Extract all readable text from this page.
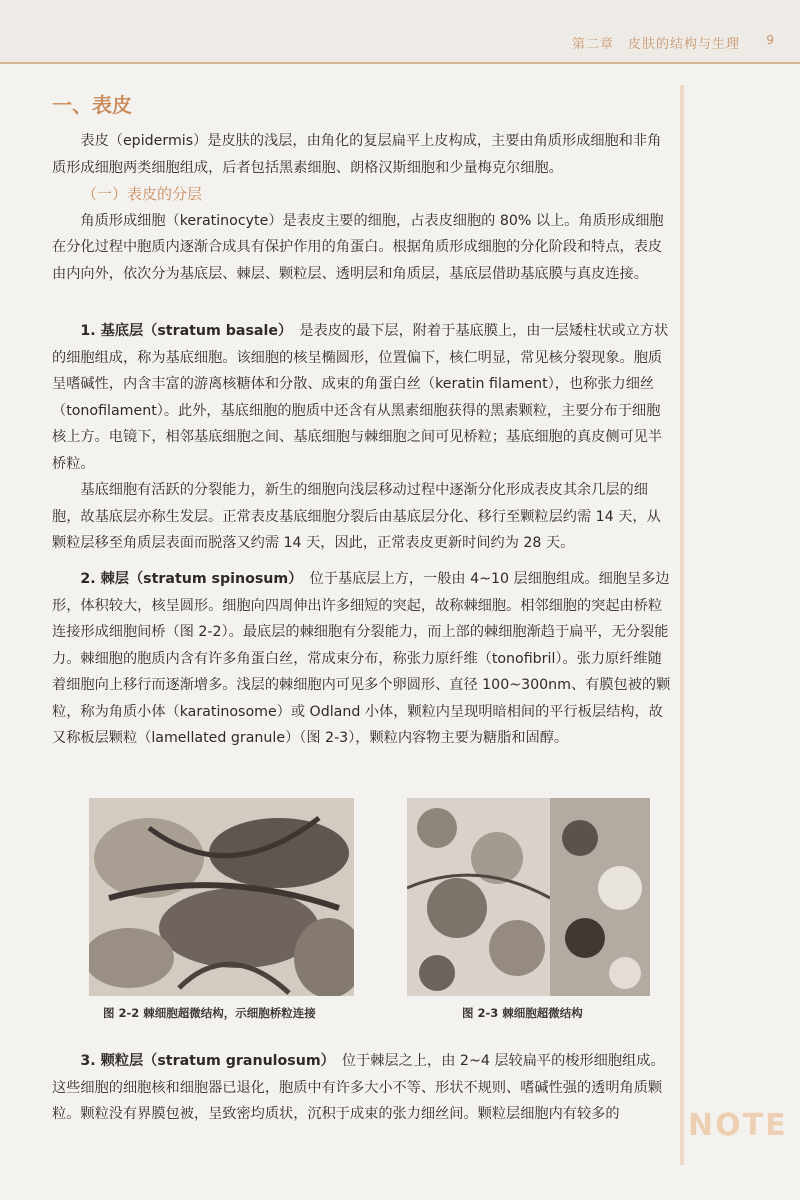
第二章　皮肤的结构与生理 9
NOTE
一、表皮

表皮（epidermis）是皮肤的浅层，由角化的复层扁平上皮构成，主要由角质形成细胞和非角质形成细胞两类细胞组成，后者包括黑素细胞、朗格汉斯细胞和少量梅克尔细胞。

（一）表皮的分层

角质形成细胞（keratinocyte）是表皮主要的细胞，占表皮细胞的 80% 以上。角质形成细胞在分化过程中胞质内逐渐合成具有保护作用的角蛋白。根据角质形成细胞的分化阶段和特点，表皮由内向外，依次分为基底层、棘层、颗粒层、透明层和角质层，基底层借助基底膜与真皮连接。

1. 基底层（stratum basale）　 是表皮的最下层，附着于基底膜上，由一层矮柱状或立方状的细胞组成，称为基底细胞。该细胞的核呈椭圆形，位置偏下，核仁明显，常见核分裂现象。胞质呈嗜碱性，内含丰富的游离核糖体和分散、成束的角蛋白丝（keratin filament），也称张力细丝（tonofilament）。此外，基底细胞的胞质中还含有从黑素细胞获得的黑素颗粒，主要分布于细胞核上方。电镜下，相邻基底细胞之间、基底细胞与棘细胞之间可见桥粒；基底细胞的真皮侧可见半桥粒。

基底细胞有活跃的分裂能力，新生的细胞向浅层移动过程中逐渐分化形成表皮其余几层的细胞，故基底层亦称生发层。正常表皮基底细胞分裂后由基底层分化、移行至颗粒层约需 14 天，从颗粒层移至角质层表面而脱落又约需 14 天，因此，正常表皮更新时间约为 28 天。

2. 棘层（stratum spinosum）　 位于基底层上方，一般由 4~10 层细胞组成。细胞呈多边形，体积较大，核呈圆形。细胞向四周伸出许多细短的突起，故称棘细胞。相邻细胞的突起由桥粒连接形成细胞间桥（图 2-2）。最底层的棘细胞有分裂能力，而上部的棘细胞渐趋于扁平，无分裂能力。棘细胞的胞质内含有许多角蛋白丝，常成束分布，称张力原纤维（tonofibril）。张力原纤维随着细胞向上移行而逐渐增多。浅层的棘细胞内可见多个卵圆形、直径 100~300nm、有膜包被的颗粒，称为角质小体（karatinosome）或 Odland 小体，颗粒内呈现明暗相间的平行板层结构，故又称板层颗粒（lamellated granule）（图 2-3），颗粒内容物主要为糖脂和固醇。

图 2-2 棘细胞超微结构，示细胞桥粒连接	图 2-3 棘细胞超微结构

3. 颗粒层（stratum granulosum）　 位于棘层之上，由 2~4 层较扁平的梭形细胞组成。这些细胞的细胞核和细胞器已退化，胞质中有许多大小不等、形状不规则、嗜碱性强的透明角质颗粒。颗粒没有界膜包被，呈致密均质状，沉积于成束的张力细丝间。颗粒层细胞内有较多的
